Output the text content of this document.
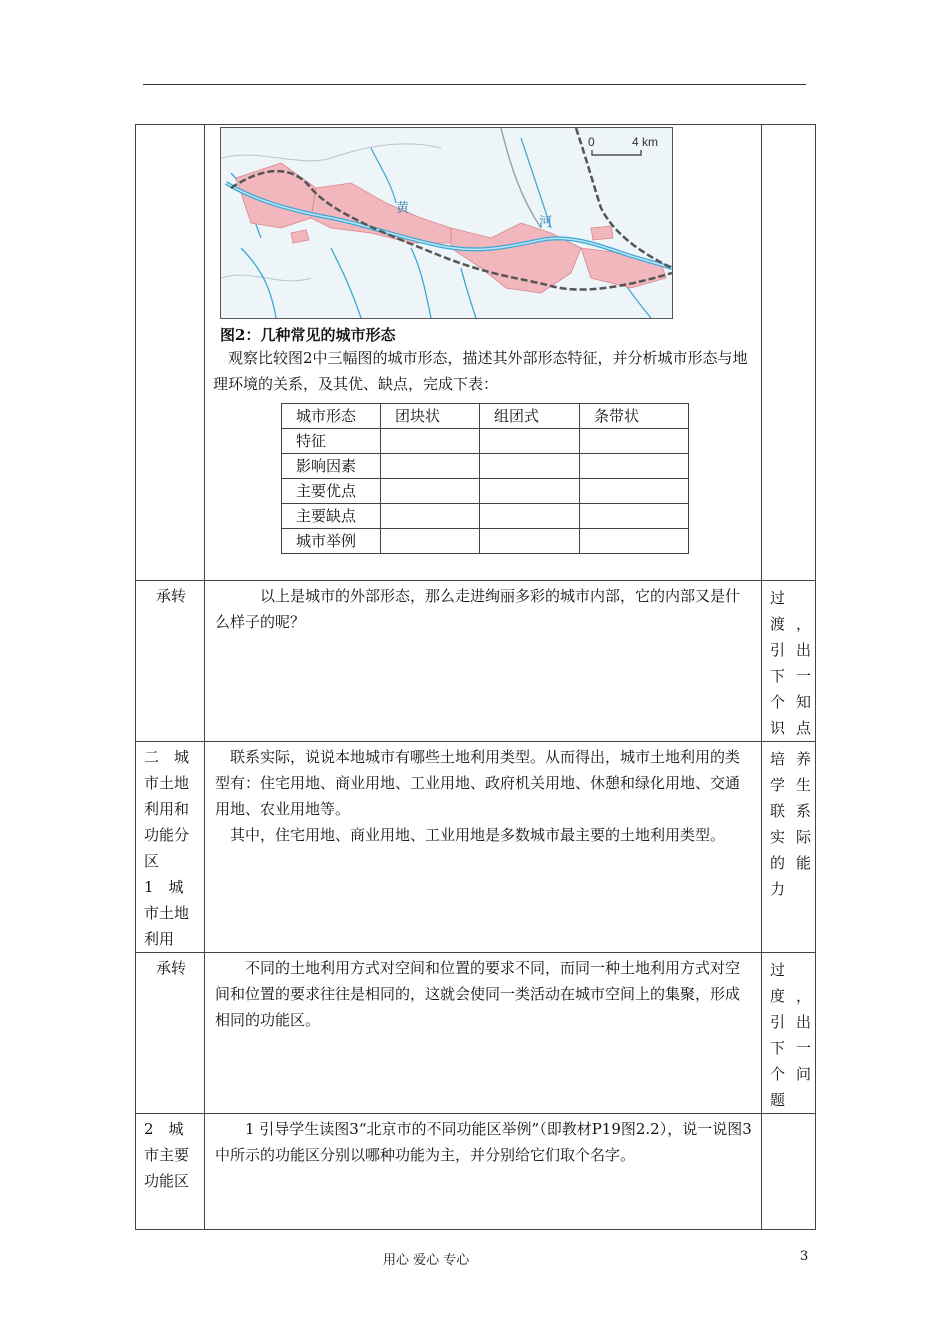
0	4 km
黄
河
图2：几种常见的城市形态
观察比较图2中三幅图的城市形态，描述其外部形态特征，并分析城市形态与地理环境的关系，及其优、缺点，完成下表：
城市形态	团块状	组团式	条带状
特征			
影响因素			
主要优点			
主要缺点			
城市举例			

承转	以上是城市的外部形态，那么走进绚丽多彩的城市内部，它的内部又是什么样子的呢？	过渡，引出下一个知识点

二　城
市土地
利用和
功能分
区
1　城
市土地
利用

联系实际，说说本地城市有哪些土地利用类型。从而得出，城市土地利用的类型有：住宅用地、商业用地、工业用地、政府机关用地、休憩和绿化用地、交通用地、农业用地等。
其中，住宅用地、商业用地、工业用地是多数城市最主要的土地利用类型。
	培养学生联系实际的能力
承转	不同的土地利用方式对空间和位置的要求不同，而同一种土地利用方式对空间和位置的要求往往是相同的，这就会使同一类活动在城市空间上的集聚，形成相同的功能区。	过度，引出下一个问题

2　城
市主要
功能区
	1 引导学生读图3“北京市的不同功能区举例”（即教材P19图2.2），说一说图3中所示的功能区分别以哪种功能为主，并分别给它们取个名字。	
用心 爱心 专心	3
